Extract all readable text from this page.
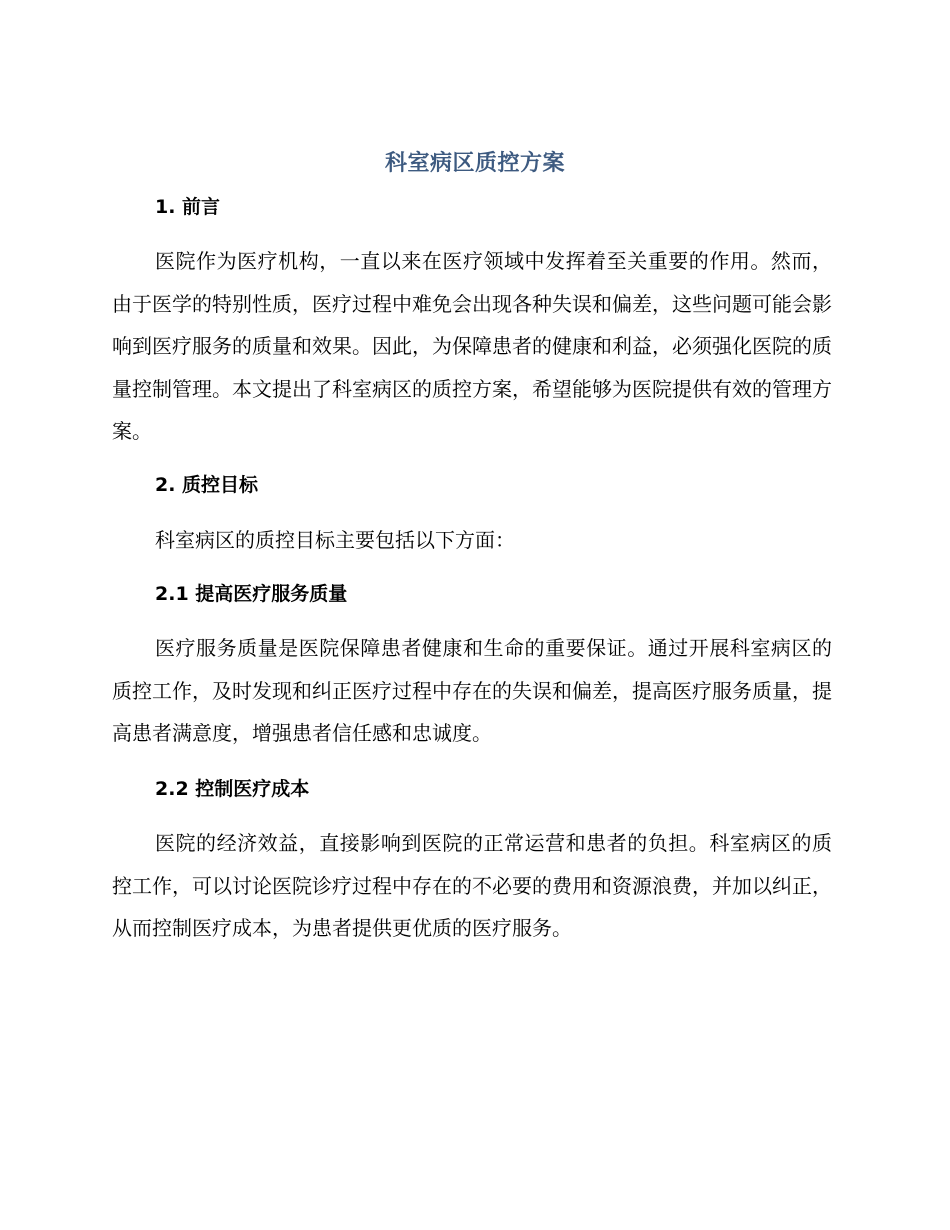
科室病区质控方案
1. 前言

医院作为医疗机构，一直以来在医疗领域中发挥着至关重要的作用。然而，由于医学的特别性质，医疗过程中难免会出现各种失误和偏差，这些问题可能会影响到医疗服务的质量和效果。因此，为保障患者的健康和利益，必须强化医院的质量控制管理。本文提出了科室病区的质控方案，希望能够为医院提供有效的管理方案。

2. 质控目标

科室病区的质控目标主要包括以下方面：

2.1 提高医疗服务质量

医疗服务质量是医院保障患者健康和生命的重要保证。通过开展科室病区的质控工作，及时发现和纠正医疗过程中存在的失误和偏差，提高医疗服务质量，提高患者满意度，增强患者信任感和忠诚度。

2.2 控制医疗成本

医院的经济效益，直接影响到医院的正常运营和患者的负担。科室病区的质控工作，可以讨论医院诊疗过程中存在的不必要的费用和资源浪费，并加以纠正，从而控制医疗成本，为患者提供更优质的医疗服务。
